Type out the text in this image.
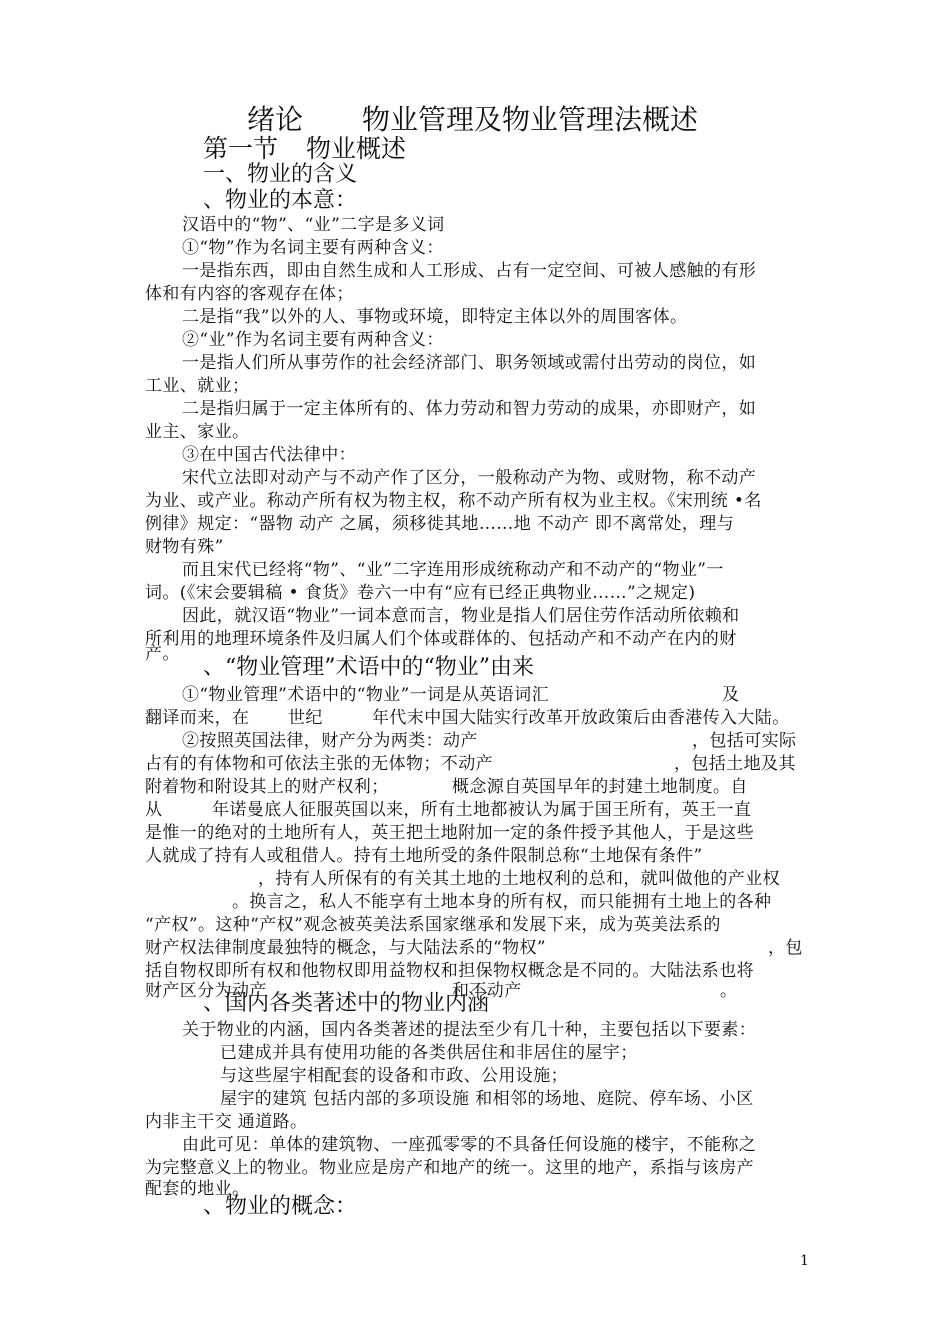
绪论 物业管理及物业管理法概述
第一节 物业概述
一、物业的含义
、物业的本意：
汉语中的“物”、“业”二字是多义词
①“物”作为名词主要有两种含义：
一是指东西，即由自然生成和人工形成、占有一定空间、可被人感触的有形
体和有内容的客观存在体；
二是指“我”以外的人、事物或环境，即特定主体以外的周围客体。
②“业”作为名词主要有两种含义：
一是指人们所从事劳作的社会经济部门、职务领域或需付出劳动的岗位，如
工业、就业；
二是指归属于一定主体所有的、体力劳动和智力劳动的成果，亦即财产，如
业主、家业。
③在中国古代法律中：
宋代立法即对动产与不动产作了区分，一般称动产为物、或财物，称不动产
为业、或产业。称动产所有权为物主权，称不动产所有权为业主权。《宋刑统 •名
例律》规定：“器物 动产 之属，须移徙其地……地 不动产 即不离常处，理与
财物有殊”
而且宋代已经将“物”、“业”二字连用形成统称动产和不动产的“物业”一
词。(《宋会要辑稿 • 食货》卷六一中有“应有已经正典物业……”之规定)
因此，就汉语“物业”一词本意而言，物业是指人们居住劳作活动所依赖和
所利用的地理环境条件及归属人们个体或群体的、包括动产和不动产在内的财
产。
、“物业管理”术语中的“物业”由来
①“物业管理”术语中的“物业”一词是从英语词汇	及
翻译而来，在 世纪	年代末中国大陆实行改革开放政策后由香港传入大陆。
②按照英国法律，财产分为两类：动产	，包括可实际
占有的有体物和可依法主张的无体物；不动产	，包括土地及其
附着物和附设其上的财产权利；	概念源自英国早年的封建土地制度。自
从	年诺曼底人征服英国以来，所有土地都被认为属于国王所有，英王一直
是惟一的绝对的土地所有人，英王把土地附加一定的条件授予其他人，于是这些
人就成了持有人或租借人。持有土地所受的条件限制总称“土地保有条件”
，持有人所保有的有关其土地的土地权利的总和，就叫做他的产业权
。换言之，私人不能享有土地本身的所有权，而只能拥有土地上的各种
“产权”。这种“产权”观念被英美法系国家继承和发展下来，成为英美法系的
财产权法律制度最独特的概念，与大陆法系的“物权”	，包
括自物权即所有权和他物权即用益物权和担保物权概念是不同的。大陆法系也将
财产区分为动产	和不动产	。
、国内各类著述中的物业内涵
关于物业的内涵，国内各类著述的提法至少有几十种，主要包括以下要素：
已建成并具有使用功能的各类供居住和非居住的屋宇；
与这些屋宇相配套的设备和市政、公用设施；
屋宇的建筑 包括内部的多项设施 和相邻的场地、庭院、停车场、小区
内非主干交 通道路。
由此可见：单体的建筑物、一座孤零零的不具备任何设施的楼宇，不能称之
为完整意义上的物业。物业应是房产和地产的统一。这里的地产，系指与该房产
配套的地业。
、物业的概念：
1
